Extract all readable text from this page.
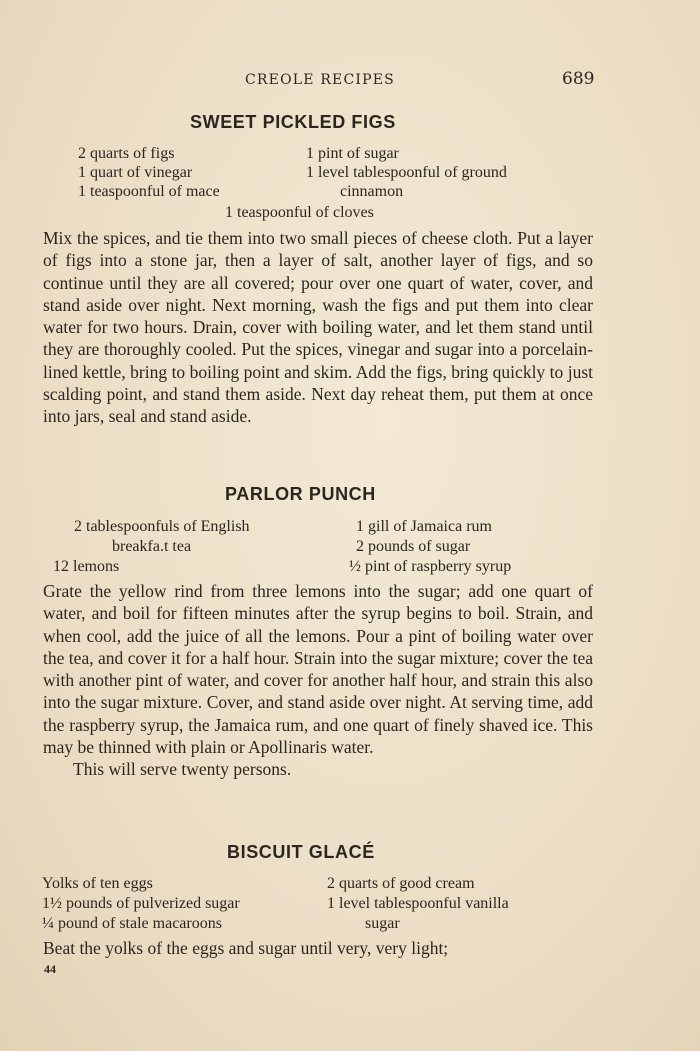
CREOLE RECIPES	689
SWEET PICKLED FIGS
2 quarts of figs
1 quart of vinegar
1 teaspoonful of mace
1 pint of sugar
1 level tablespoonful of ground
cinnamon
1 teaspoonful of cloves

Mix the spices, and tie them into two small pieces of cheese cloth. Put a layer of figs into a stone jar, then a layer of salt, another layer of figs, and so continue until they are all covered; pour over one quart of water, cover, and stand aside over night. Next morning, wash the figs and put them into clear water for two hours. Drain, cover with boiling water, and let them stand until they are thoroughly cooled. Put the spices, vinegar and sugar into a porcelain-lined kettle, bring to boiling point and skim. Add the figs, bring quickly to just scalding point, and stand them aside. Next day reheat them, put them at once into jars, seal and stand aside.

PARLOR PUNCH
2 tablespoonfuls of English
breakfa.t tea
12 lemons
1 gill of Jamaica rum
2 pounds of sugar
½ pint of raspberry syrup

Grate the yellow rind from three lemons into the sugar; add one quart of water, and boil for fifteen minutes after the syrup begins to boil. Strain, and when cool, add the juice of all the lemons. Pour a pint of boiling water over the tea, and cover it for a half hour. Strain into the sugar mixture; cover the tea with another pint of water, and cover for another half hour, and strain this also into the sugar mixture. Cover, and stand aside over night. At serving time, add the raspberry syrup, the Jamaica rum, and one quart of finely shaved ice. This may be thinned with plain or Apollinaris water.

This will serve twenty persons.

BISCUIT GLACÉ
Yolks of ten eggs
1½ pounds of pulverized sugar
¼ pound of stale macaroons
2 quarts of good cream
1 level tablespoonful vanilla
sugar

Beat the yolks of the eggs and sugar until very, very light;

44
